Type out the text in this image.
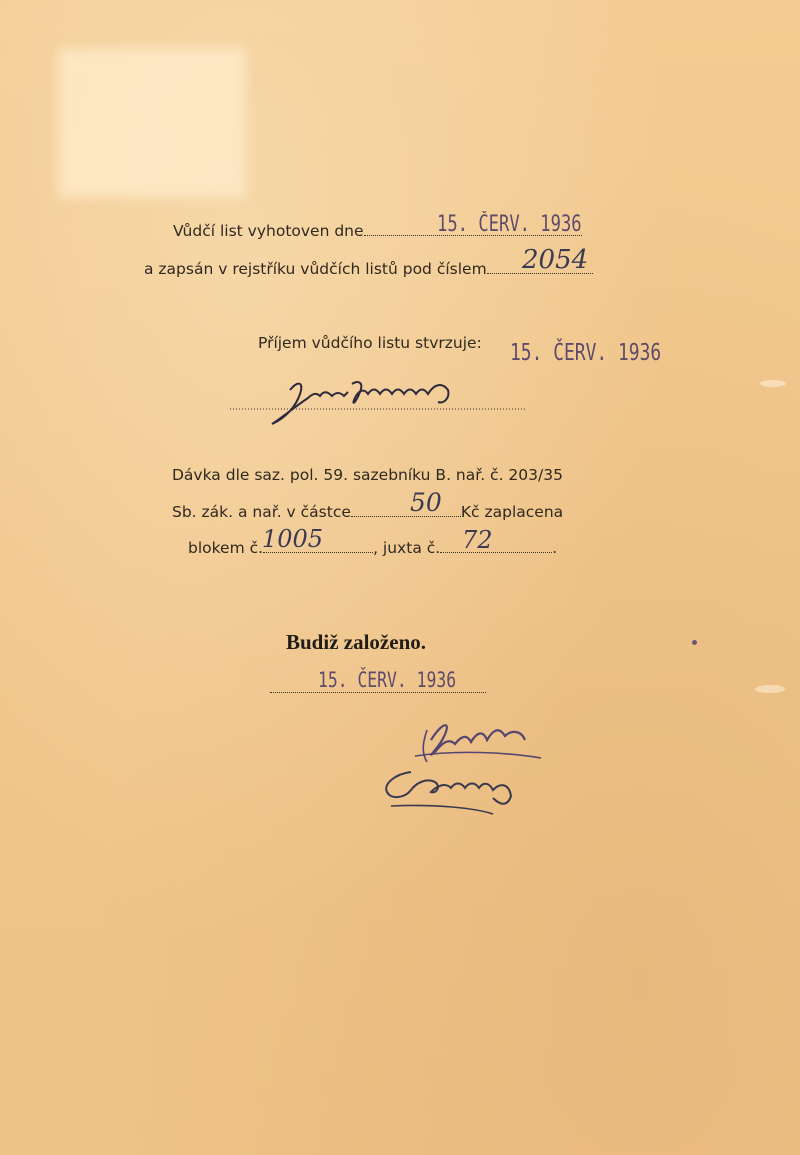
Vůdčí list vyhotoven dne	15. ČERV. 1936
a zapsán v rejstříku vůdčích listů pod číslem	2054
Příjem vůdčího listu stvrzuje: 15. ČERV. 1936
Dávka dle saz. pol. 59. sazebníku B. nař. č. 203/35
Sb. zák. a nař. v částce	Kč zaplacena
50
blokem č.	, juxta č.	.
1005	72
Budiž založeno.
15. ČERV. 1936
